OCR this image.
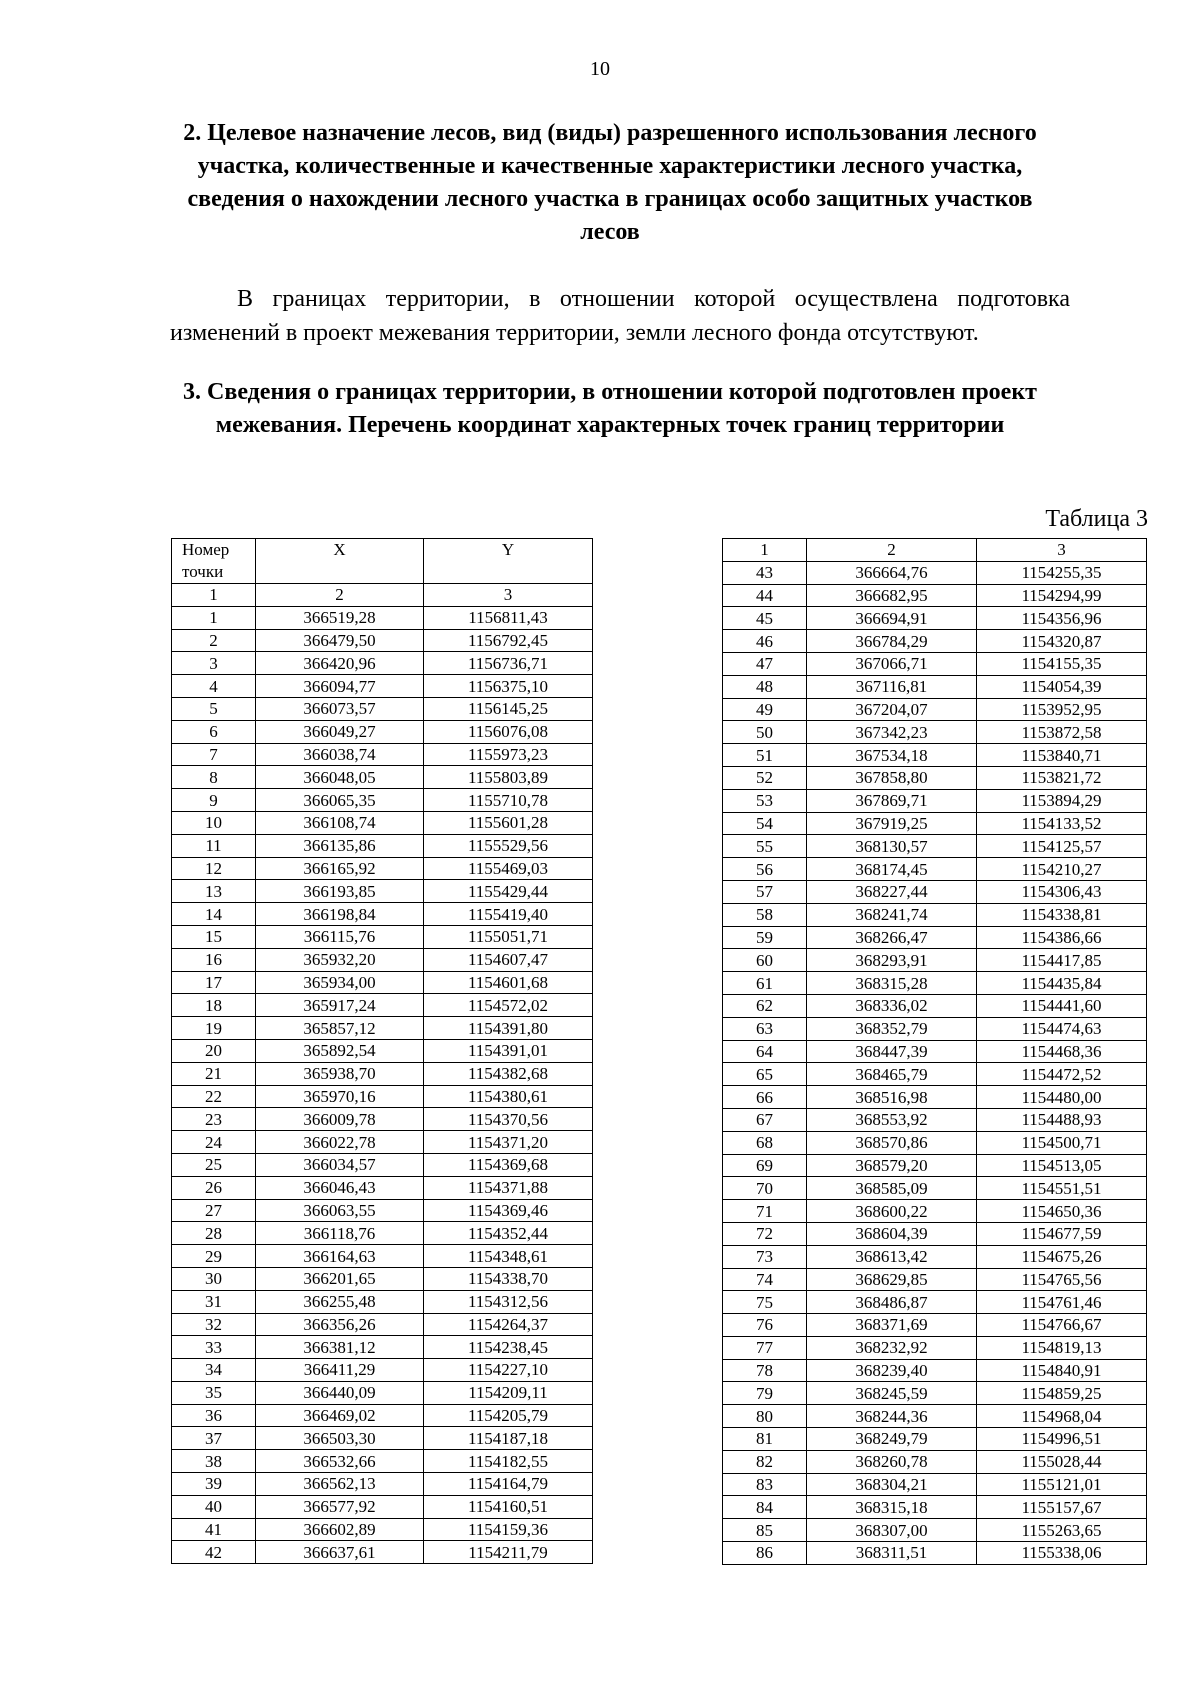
10
2. Целевое назначение лесов, вид (виды) разрешенного использования лесного участка, количественные и качественные характеристики лесного участка, сведения о нахождении лесного участка в границах особо защитных участков лесов

В границах территории, в отношении которой осуществлена подготовка изменений в проект межевания территории, земли лесного фонда отсутствуют.

3. Сведения о границах территории, в отношении которой подготовлен проект межевания. Перечень координат характерных точек границ территории
Таблица 3
Номер точки	X	Y
1	2	3
1	366519,28	1156811,43
2	366479,50	1156792,45
3	366420,96	1156736,71
4	366094,77	1156375,10
5	366073,57	1156145,25
6	366049,27	1156076,08
7	366038,74	1155973,23
8	366048,05	1155803,89
9	366065,35	1155710,78
10	366108,74	1155601,28
11	366135,86	1155529,56
12	366165,92	1155469,03
13	366193,85	1155429,44
14	366198,84	1155419,40
15	366115,76	1155051,71
16	365932,20	1154607,47
17	365934,00	1154601,68
18	365917,24	1154572,02
19	365857,12	1154391,80
20	365892,54	1154391,01
21	365938,70	1154382,68
22	365970,16	1154380,61
23	366009,78	1154370,56
24	366022,78	1154371,20
25	366034,57	1154369,68
26	366046,43	1154371,88
27	366063,55	1154369,46
28	366118,76	1154352,44
29	366164,63	1154348,61
30	366201,65	1154338,70
31	366255,48	1154312,56
32	366356,26	1154264,37
33	366381,12	1154238,45
34	366411,29	1154227,10
35	366440,09	1154209,11
36	366469,02	1154205,79
37	366503,30	1154187,18
38	366532,66	1154182,55
39	366562,13	1154164,79
40	366577,92	1154160,51
41	366602,89	1154159,36
42	366637,61	1154211,79
1	2	3
43	366664,76	1154255,35
44	366682,95	1154294,99
45	366694,91	1154356,96
46	366784,29	1154320,87
47	367066,71	1154155,35
48	367116,81	1154054,39
49	367204,07	1153952,95
50	367342,23	1153872,58
51	367534,18	1153840,71
52	367858,80	1153821,72
53	367869,71	1153894,29
54	367919,25	1154133,52
55	368130,57	1154125,57
56	368174,45	1154210,27
57	368227,44	1154306,43
58	368241,74	1154338,81
59	368266,47	1154386,66
60	368293,91	1154417,85
61	368315,28	1154435,84
62	368336,02	1154441,60
63	368352,79	1154474,63
64	368447,39	1154468,36
65	368465,79	1154472,52
66	368516,98	1154480,00
67	368553,92	1154488,93
68	368570,86	1154500,71
69	368579,20	1154513,05
70	368585,09	1154551,51
71	368600,22	1154650,36
72	368604,39	1154677,59
73	368613,42	1154675,26
74	368629,85	1154765,56
75	368486,87	1154761,46
76	368371,69	1154766,67
77	368232,92	1154819,13
78	368239,40	1154840,91
79	368245,59	1154859,25
80	368244,36	1154968,04
81	368249,79	1154996,51
82	368260,78	1155028,44
83	368304,21	1155121,01
84	368315,18	1155157,67
85	368307,00	1155263,65
86	368311,51	1155338,06
